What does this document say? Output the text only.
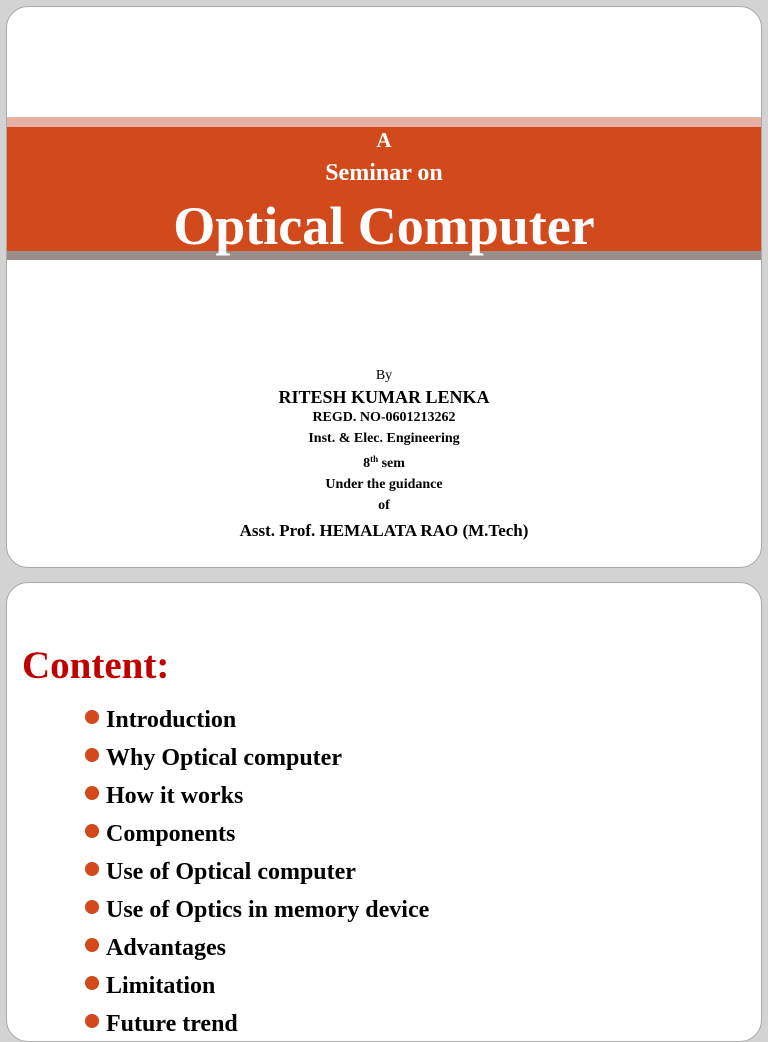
A
Seminar on
Optical Computer
By
RITESH KUMAR LENKA
REGD. NO-0601213262
Inst. & Elec. Engineering
8th sem
Under the guidance
of
Asst. Prof. HEMALATA RAO (M.Tech)
Content:
Introduction
Why Optical computer
How it works
Components
Use of Optical computer
Use of Optics in memory device
Advantages
Limitation
Future trend
